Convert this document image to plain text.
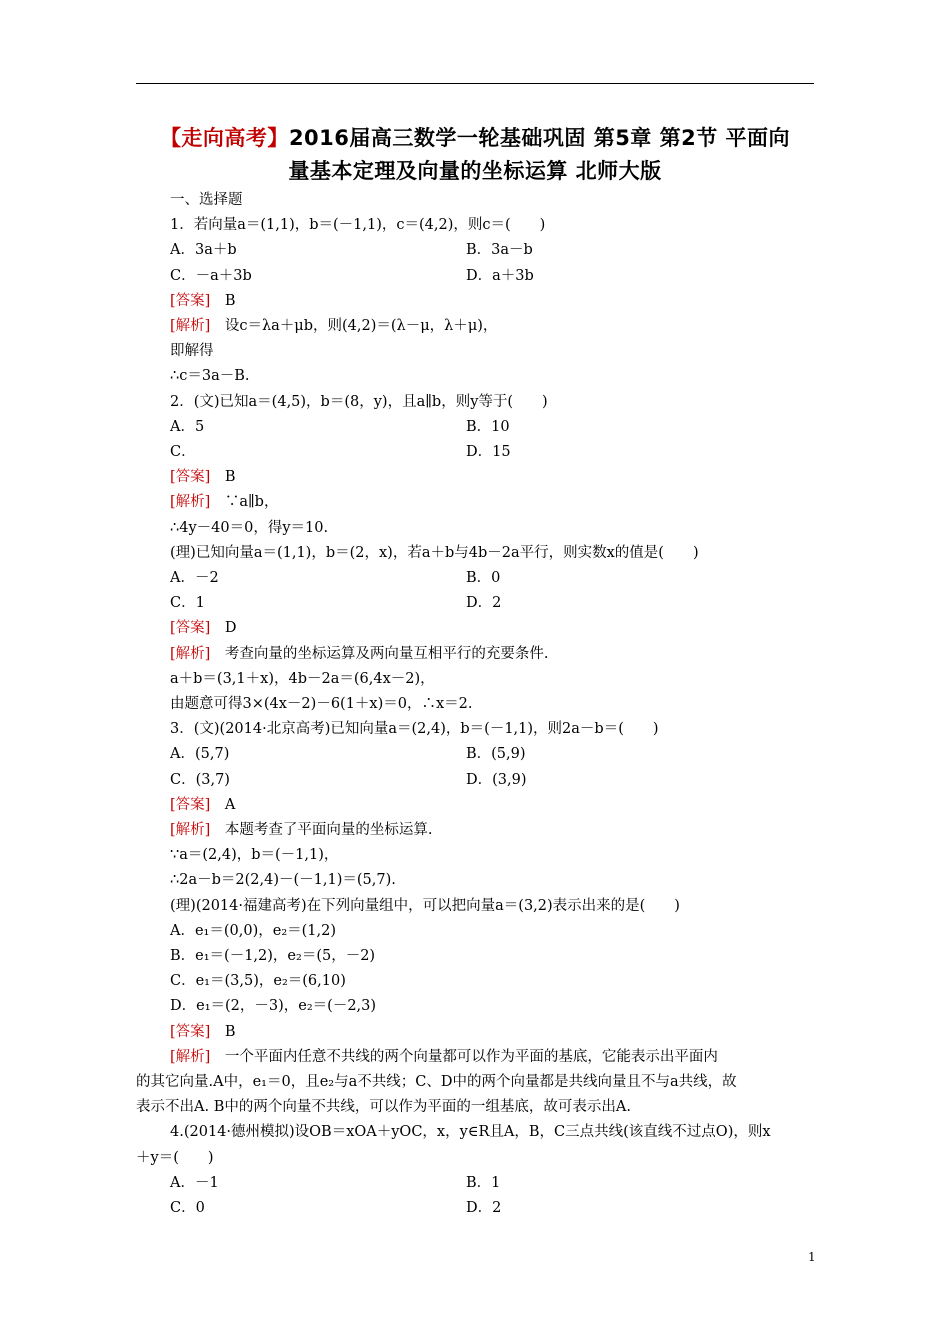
【走向高考】2016届高三数学一轮基础巩固 第5章 第2节 平面向
量基本定理及向量的坐标运算 北师大版
一、选择题
1．若向量a＝(1,1)，b＝(－1,1)，c＝(4,2)，则c＝(　　)
A．3a＋b	B．3a－b
C．－a＋3b	D．a＋3b
[答案]　B
[解析]　设c＝λa＋μb，则(4,2)＝(λ－μ，λ＋μ)，
即解得
∴c＝3a－B.
2．(文)已知a＝(4,5)，b＝(8，y)，且a∥b，则y等于(　　)
A．5	B．10
C．	D．15
[答案]　B
[解析]　∵a∥b，
∴4y－40＝0，得y＝10.
(理)已知向量a＝(1,1)，b＝(2，x)，若a＋b与4b－2a平行，则实数x的值是(　　)
A．－2	B．0
C．1	D．2
[答案]　D
[解析]　考查向量的坐标运算及两向量互相平行的充要条件.
a＋b＝(3,1＋x)，4b－2a＝(6,4x－2)，
由题意可得3×(4x－2)－6(1＋x)＝0，∴x＝2.
3．(文)(2014·北京高考)已知向量a＝(2,4)，b＝(－1,1)，则2a－b＝(　　)
A．(5,7)	B．(5,9)
C．(3,7)	D．(3,9)
[答案]　A
[解析]　本题考查了平面向量的坐标运算.
∵a＝(2,4)，b＝(－1,1)，
∴2a－b＝2(2,4)－(－1,1)＝(5,7).
(理)(2014·福建高考)在下列向量组中，可以把向量a＝(3,2)表示出来的是(　　)
A．e₁＝(0,0)，e₂＝(1,2)
B．e₁＝(－1,2)，e₂＝(5，－2)
C．e₁＝(3,5)，e₂＝(6,10)
D．e₁＝(2，－3)，e₂＝(－2,3)
[答案]　B
[解析]　一个平面内任意不共线的两个向量都可以作为平面的基底，它能表示出平面内
的其它向量.A中，e₁＝0，且e₂与a不共线；C、D中的两个向量都是共线向量且不与a共线，故
表示不出A. B中的两个向量不共线，可以作为平面的一组基底，故可表示出A.
4.(2014·德州模拟)设OB＝xOA＋yOC，x，y∈R且A，B，C三点共线(该直线不过点O)，则x
＋y＝(　　)
A．－1	B．1
C．0	D．2
1
